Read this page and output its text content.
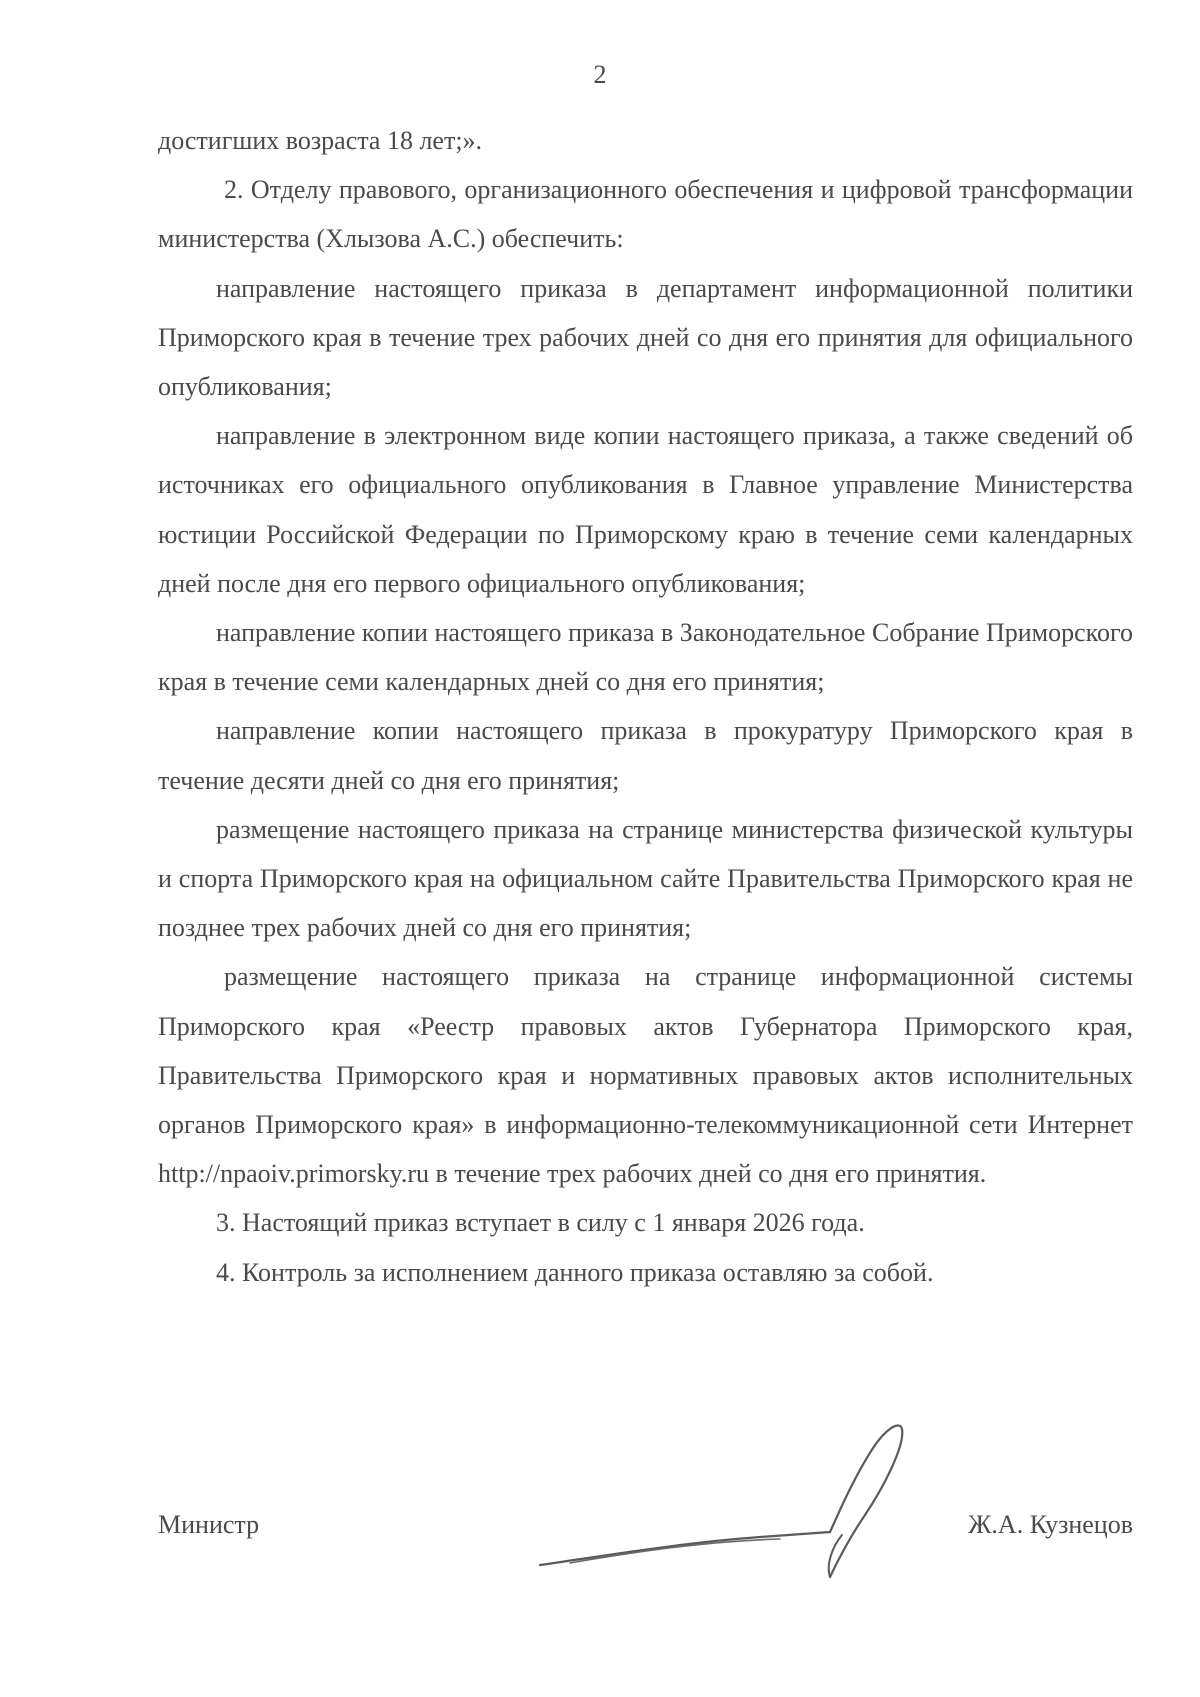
2

достигших возраста 18 лет;».

2. Отделу правового, организационного обеспечения и цифровой трансформации министерства (Хлызова А.С.) обеспечить:

направление настоящего приказа в департамент информационной политики Приморского края в течение трех рабочих дней со дня его принятия для официального опубликования;

направление в электронном виде копии настоящего приказа, а также сведений об источниках его официального опубликования в Главное управление Министерства юстиции Российской Федерации по Приморскому краю в течение семи календарных дней после дня его первого официального опубликования;

направление копии настоящего приказа в Законодательное Собрание Приморского края в течение семи календарных дней со дня его принятия;

направление копии настоящего приказа в прокуратуру Приморского края в течение десяти дней со дня его принятия;

размещение настоящего приказа на странице министерства физической культуры и спорта Приморского края на официальном сайте Правительства Приморского края не позднее трех рабочих дней со дня его принятия;

размещение настоящего приказа на странице информационной системы Приморского края «Реестр правовых актов Губернатора Приморского края, Правительства Приморского края и нормативных правовых актов исполнительных органов Приморского края» в информационно-телекоммуникационной сети Интернет http://npaoiv.primorsky.ru в течение трех рабочих дней со дня его принятия.

3. Настоящий приказ вступает в силу с 1 января 2026 года.

4. Контроль за исполнением данного приказа оставляю за собой.

Министр	Ж.А. Кузнецов
